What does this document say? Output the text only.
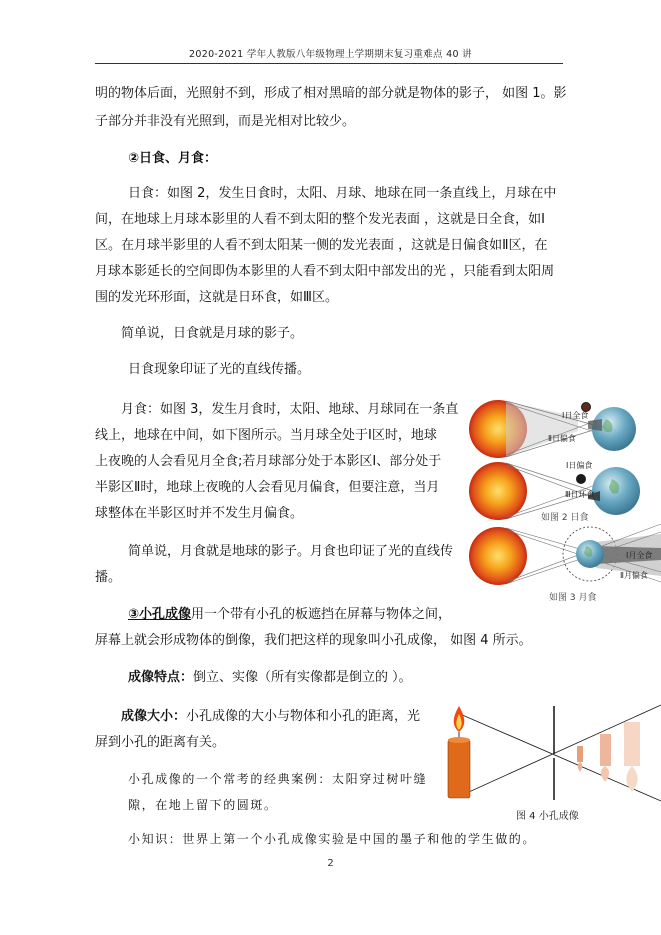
2020-2021 学年人教版八年级物理上学期期末复习重难点 40 讲
明的物体后面，光照射不到，形成了相对黑暗的部分就是物体的影子， 如图 1。影
子部分并非没有光照到，而是光相对比较少。
②日食、月食：
日食：如图 2，发生日食时，太阳、月球、地球在同一条直线上，月球在中
间，在地球上月球本影里的人看不到太阳的整个发光表面 ，这就是日全食，如Ⅰ
区。在月球半影里的人看不到太阳某一侧的发光表面 ，这就是日偏食如Ⅱ区，在
月球本影延长的空间即伪本影里的人看不到太阳中部发出的光 ，只能看到太阳周
围的发光环形面，这就是日环食，如Ⅲ区。
简单说，日食就是月球的影子。
日食现象印证了光的直线传播。
月食：如图 3，发生月食时，太阳、地球、月球同在一条直
线上，地球在中间，如下图所示。当月球全处于Ⅰ区时，地球
上夜晚的人会看见月全食;若月球部分处于本影区Ⅰ、部分处于
半影区Ⅱ时，地球上夜晚的人会看见月偏食，但要注意，当月
球整体在半影区时并不发生月偏食。
简单说，月食就是地球的影子。月食也印证了光的直线传
播。
③小孔成像用一个带有小孔的板遮挡在屏幕与物体之间，
屏幕上就会形成物体的倒像，我们把这样的现象叫小孔成像， 如图 4 所示。
成像特点：倒立、实像（所有实像都是倒立的 ）。
成像大小：小孔成像的大小与物体和小孔的距离，光
屏到小孔的距离有关。
小孔成像的一个常考的经典案例：太阳穿过树叶缝
隙，在地上留下的圆斑。
小知识：世界上第一个小孔成像实验是中国的墨子和他的学生做的。
Ⅰ日全食
Ⅱ日偏食
Ⅰ日偏食
Ⅲ日环食
如图 2 日食
Ⅰ月全食
Ⅱ月偏食
如图 3 月食
图 4 小孔成像
2
